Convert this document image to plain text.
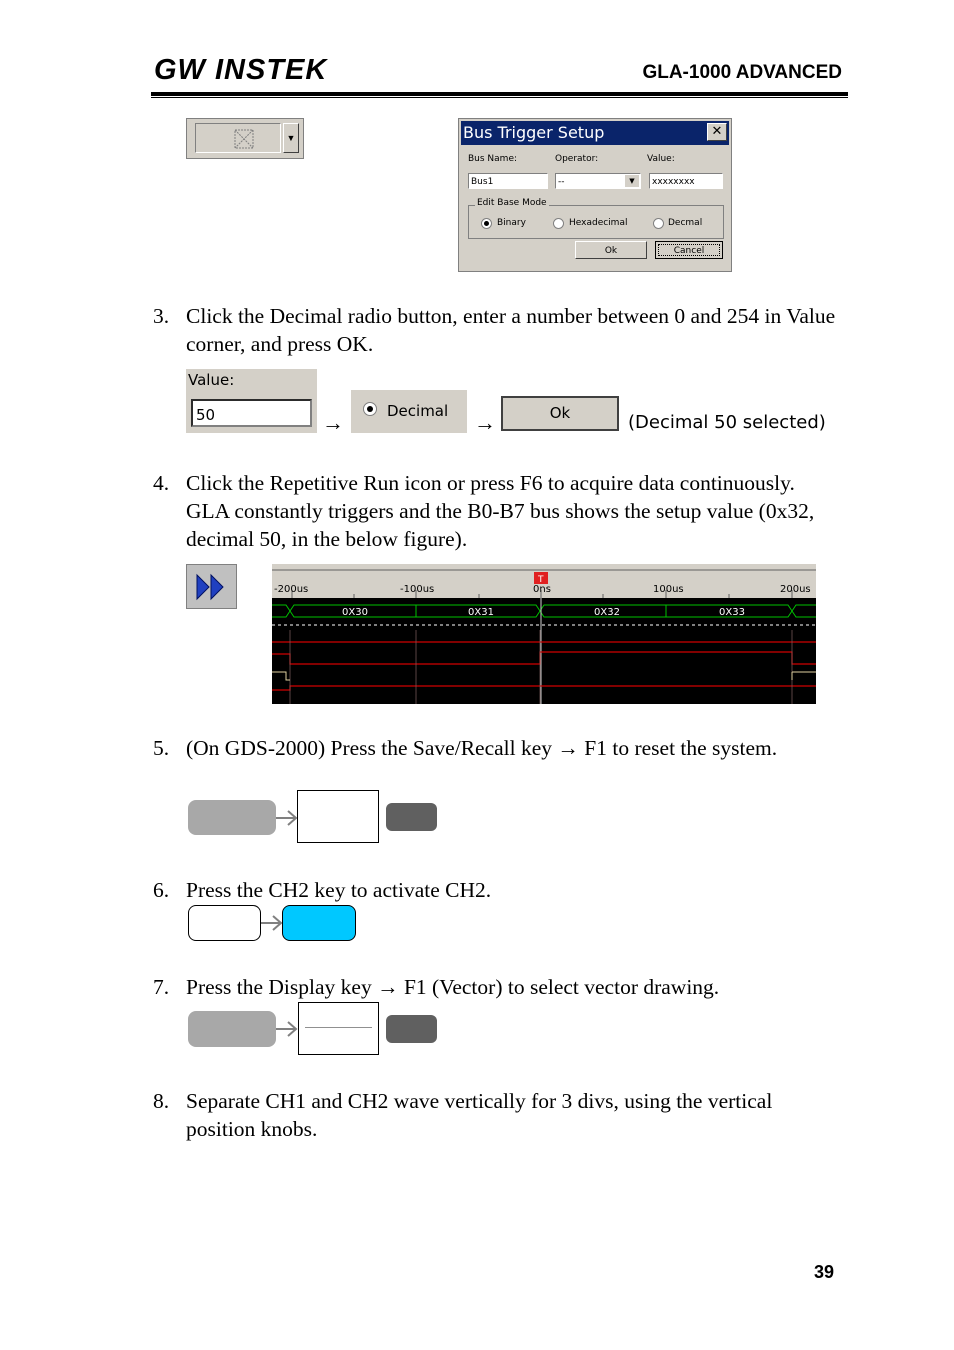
GW INSTEK	GLA-1000 ADVANCED
▼	Bus Trigger Setup	✕
Bus Name:	Operator:	Value:
Bus1	--	▼	xxxxxxxx
Edit Base Mode
Binary	Hexadecimal	Decmal
Ok	Cancel
3. Click the Decimal radio button, enter a number between 0 and 254 in Value corner, and press OK.
Value:
50	→	Decimal →	Ok	(Decimal 50 selected)
4. Click the Repetitive Run icon or press F6 to acquire data continuously. GLA constantly triggers and the B0-B7 bus shows the setup value (0x32, decimal 50, in the below figure).
-200us	-100us	0ns	100us	200us
T
0X30	0X31	0X32	0X33
5. (On GDS-2000) Press the Save/Recall key → F1 to reset the system.
6. Press the CH2 key to activate CH2.
7. Press the Display key → F1 (Vector) to select vector drawing.
8. Separate CH1 and CH2 wave vertically for 3 divs, using the vertical position knobs.
39
